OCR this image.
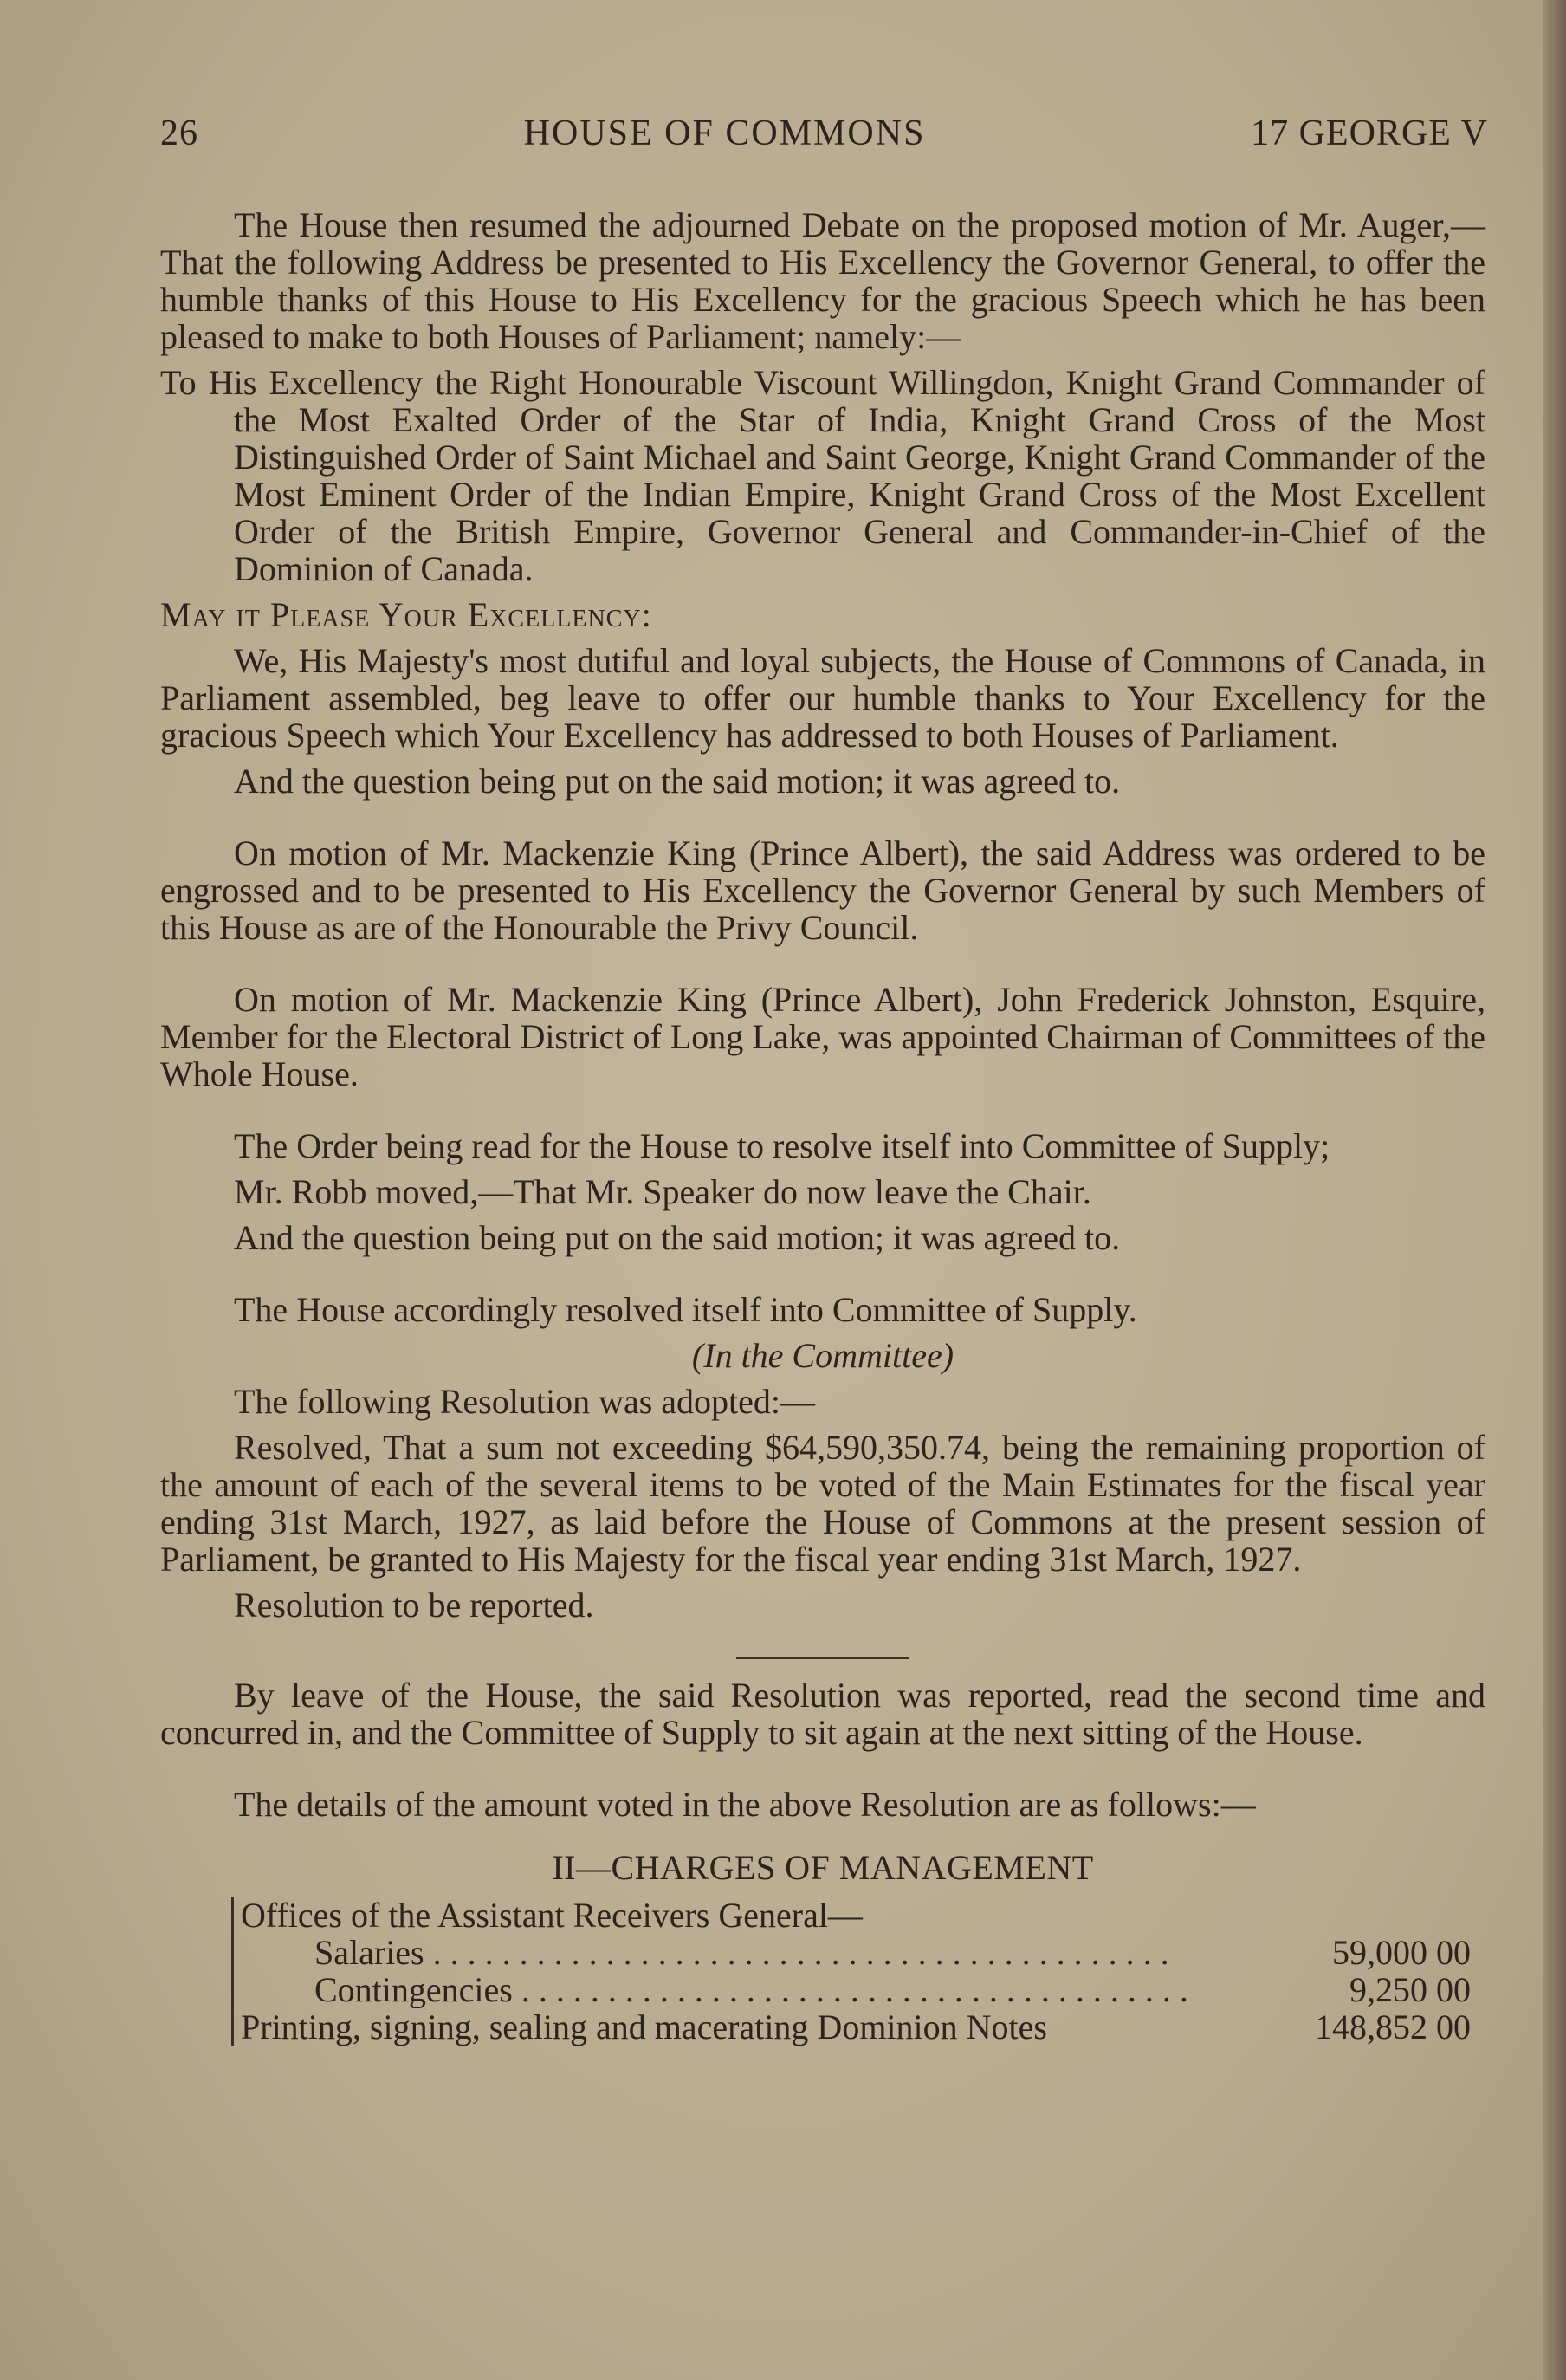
26	HOUSE OF COMMONS	17 GEORGE V

The House then resumed the adjourned Debate on the proposed motion of Mr. Auger,—That the following Address be presented to His Excellency the Governor General, to offer the humble thanks of this House to His Excellency for the gracious Speech which he has been pleased to make to both Houses of Parliament; namely:—

To His Excellency the Right Honourable Viscount Willingdon, Knight Grand Commander of the Most Exalted Order of the Star of India, Knight Grand Cross of the Most Distinguished Order of Saint Michael and Saint George, Knight Grand Commander of the Most Eminent Order of the Indian Empire, Knight Grand Cross of the Most Excellent Order of the British Empire, Governor General and Commander-in-Chief of the Dominion of Canada.

May it Please Your Excellency:

We, His Majesty's most dutiful and loyal subjects, the House of Commons of Canada, in Parliament assembled, beg leave to offer our humble thanks to Your Excellency for the gracious Speech which Your Excellency has addressed to both Houses of Parliament.

And the question being put on the said motion; it was agreed to.

On motion of Mr. Mackenzie King (Prince Albert), the said Address was ordered to be engrossed and to be presented to His Excellency the Governor General by such Members of this House as are of the Honourable the Privy Council.

On motion of Mr. Mackenzie King (Prince Albert), John Frederick Johnston, Esquire, Member for the Electoral District of Long Lake, was appointed Chairman of Committees of the Whole House.

The Order being read for the House to resolve itself into Committee of Supply;

Mr. Robb moved,—That Mr. Speaker do now leave the Chair.

And the question being put on the said motion; it was agreed to.

The House accordingly resolved itself into Committee of Supply.

(In the Committee)

The following Resolution was adopted:—

Resolved, That a sum not exceeding $64,590,350.74, being the remaining proportion of the amount of each of the several items to be voted of the Main Estimates for the fiscal year ending 31st March, 1927, as laid before the House of Commons at the present session of Parliament, be granted to His Majesty for the fiscal year ending 31st March, 1927.

Resolution to be reported.

By leave of the House, the said Resolution was reported, read the second time and concurred in, and the Committee of Supply to sit again at the next sitting of the House.

The details of the amount voted in the above Resolution are as follows:—

II—CHARGES OF MANAGEMENT
Offices of the Assistant Receivers General—
Salaries . . . . . . . . . . . . . . . . . . . . . . . . . . . . . . . . . . . . . . . . . . .	59,000 00
Contingencies . . . . . . . . . . . . . . . . . . . . . . . . . . . . . . . . . . . . . . .	9,250 00
Printing, signing, sealing and macerating Dominion Notes	148,852 00
